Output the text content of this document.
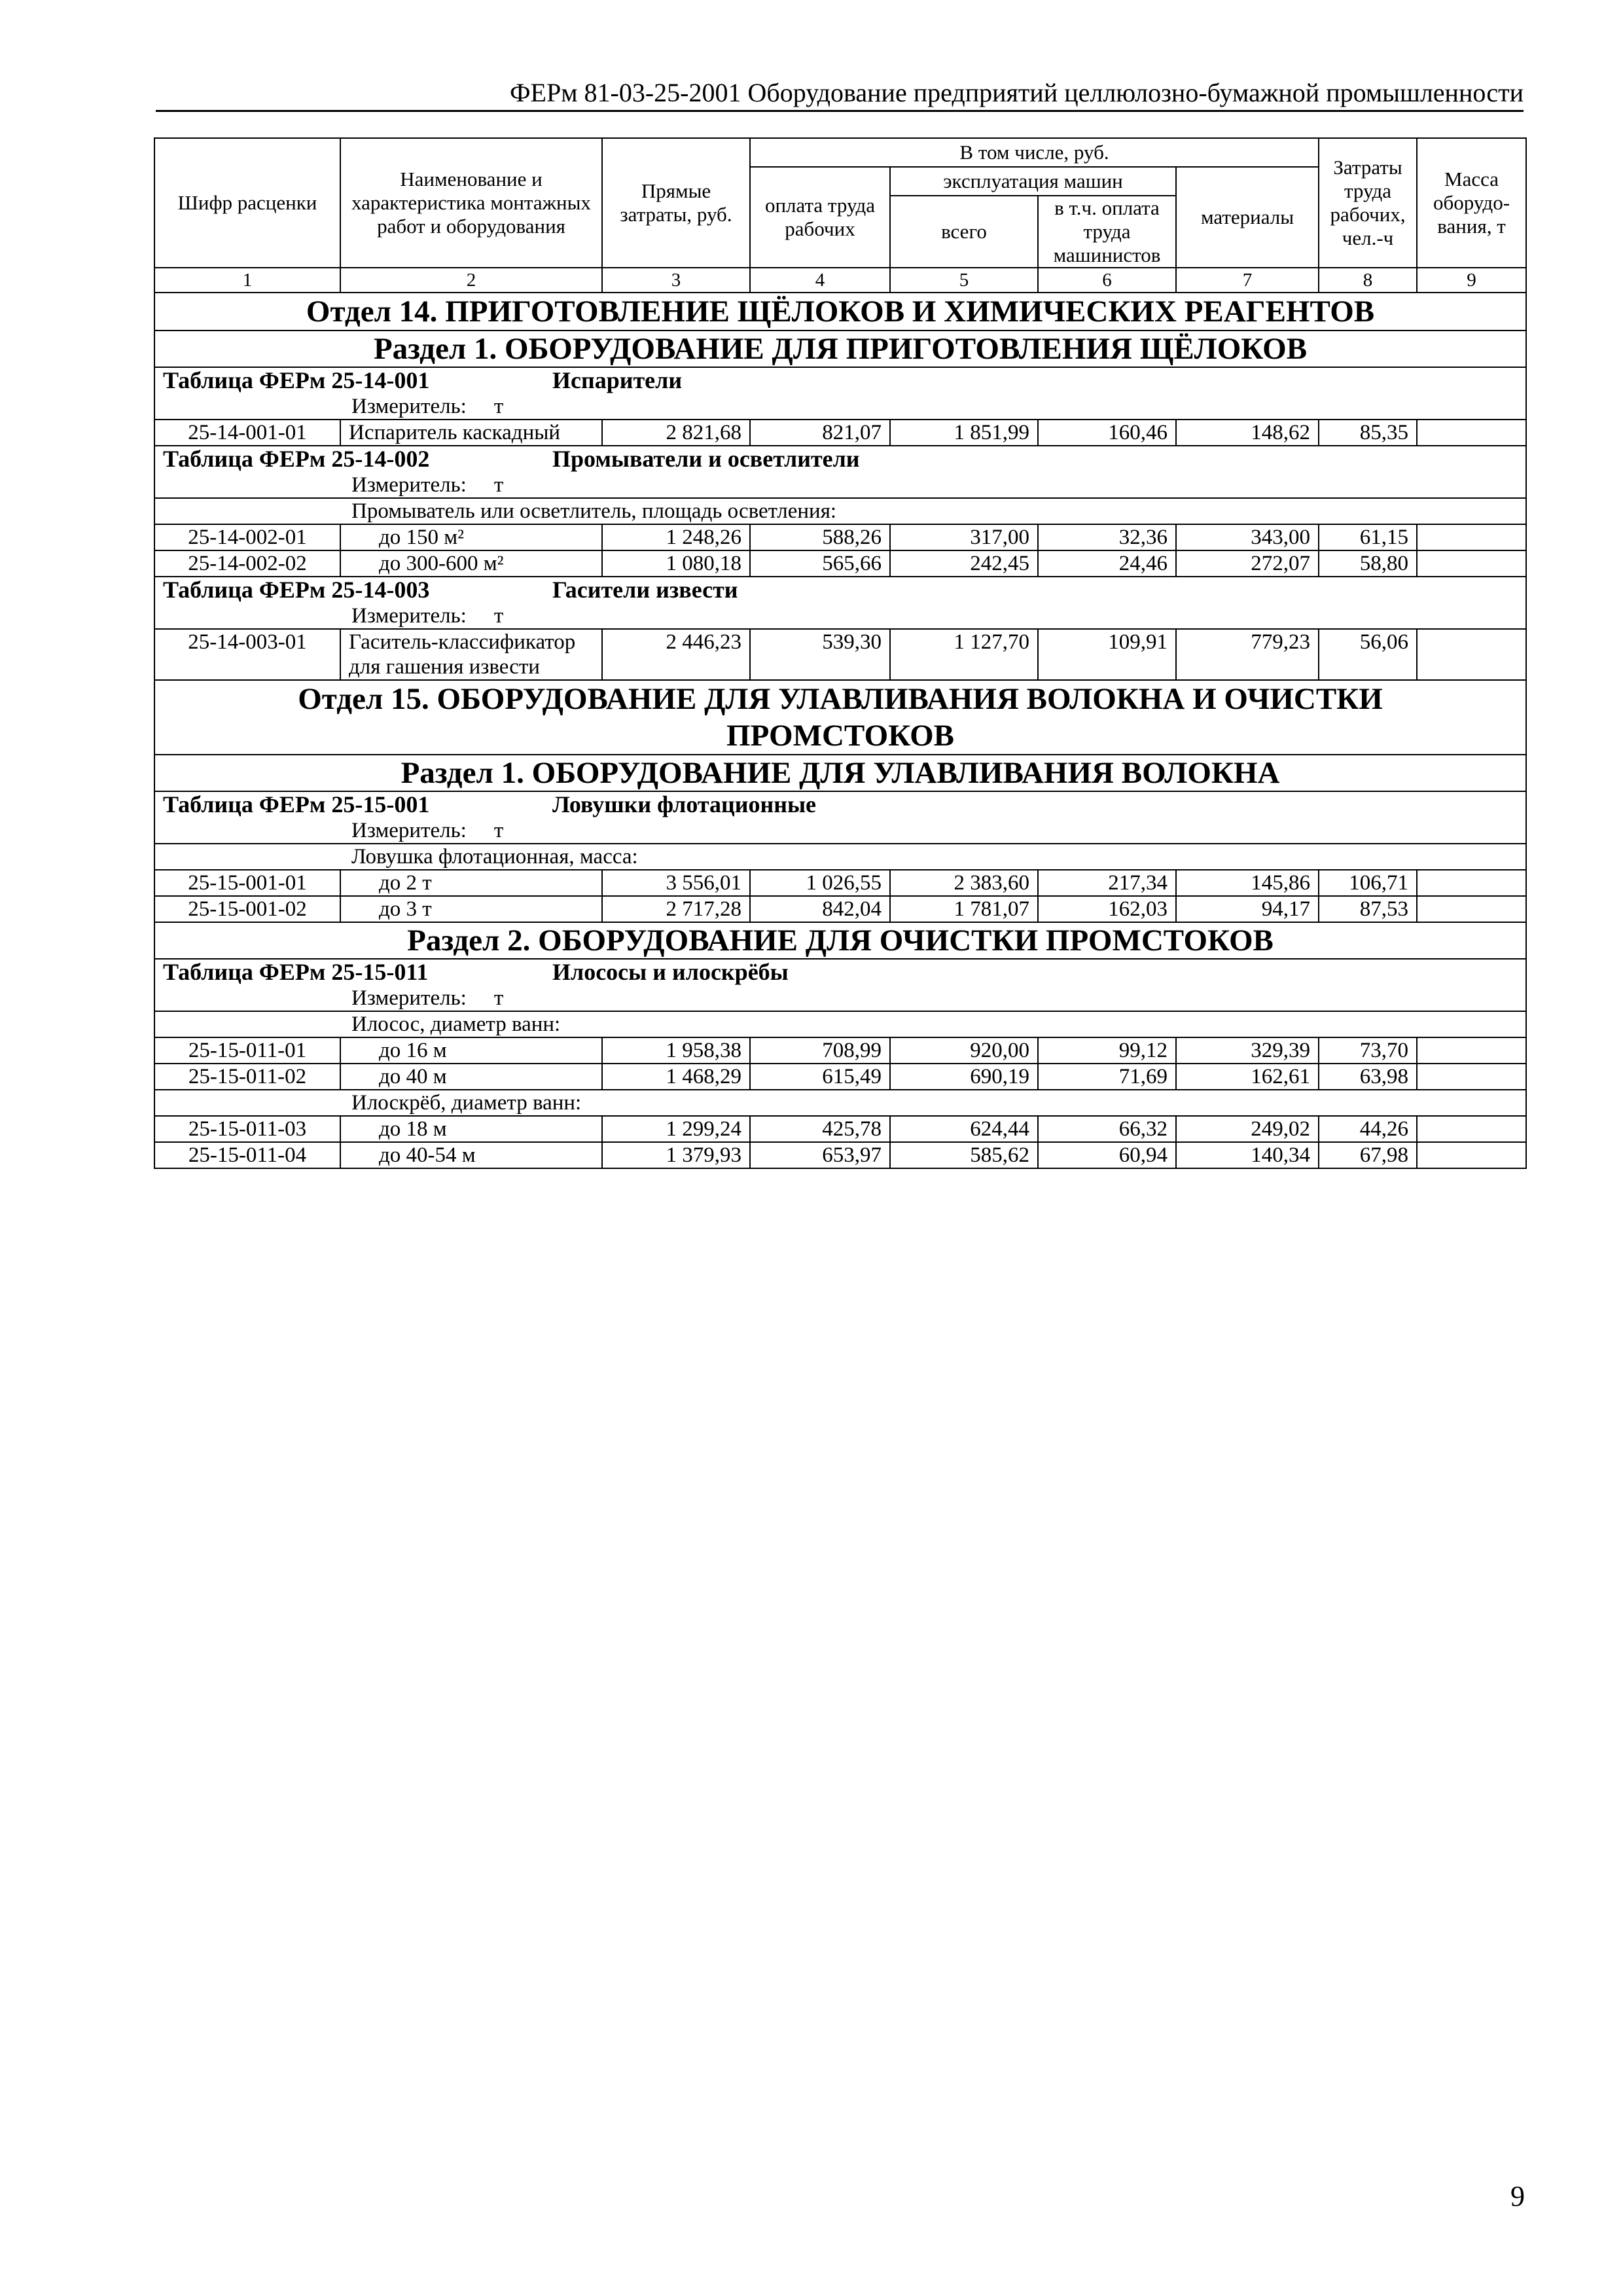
ФЕРм 81-03-25-2001 Оборудование предприятий целлюлозно-бумажной промышленности
Шифр расценки	Наименование и характеристика монтажных работ и оборудования	Прямые затраты, руб.	В том числе, руб.				Затраты труда рабочих, чел.-ч	Масса оборудо-вания, т
			оплата труда рабочих	эксплуатация машин		материалы		
				всего	в т.ч. оплата труда машинистов			
1	2	3	4	5	6	7	8	9
Отдел 14. ПРИГОТОВЛЕНИЕ ЩЁЛОКОВ И ХИМИЧЕСКИХ РЕАГЕНТОВ								
Раздел 1. ОБОРУДОВАНИЕ ДЛЯ ПРИГОТОВЛЕНИЯ ЩЁЛОКОВ								
Таблица ФЕРм 25-14-001 Испарители								
Измеритель: т								
25-14-001-01	Испаритель каскадный	2 821,68	821,07	1 851,99	160,46	148,62	85,35	
Таблица ФЕРм 25-14-002 Промыватели и осветлители								
Измеритель: т								
Промыватель или осветлитель, площадь осветления:								
25-14-002-01	до 150 м²	1 248,26	588,26	317,00	32,36	343,00	61,15	
25-14-002-02	до 300-600 м²	1 080,18	565,66	242,45	24,46	272,07	58,80	
Таблица ФЕРм 25-14-003 Гасители извести								
Измеритель: т								
25-14-003-01	Гаситель-классификатор для гашения извести	2 446,23	539,30	1 127,70	109,91	779,23	56,06	
Отдел 15. ОБОРУДОВАНИЕ ДЛЯ УЛАВЛИВАНИЯ ВОЛОКНА И ОЧИСТКИ ПРОМСТОКОВ								
Раздел 1. ОБОРУДОВАНИЕ ДЛЯ УЛАВЛИВАНИЯ ВОЛОКНА								
Таблица ФЕРм 25-15-001 Ловушки флотационные								
Измеритель: т								
Ловушка флотационная, масса:								
25-15-001-01	до 2 т	3 556,01	1 026,55	2 383,60	217,34	145,86	106,71	
25-15-001-02	до 3 т	2 717,28	842,04	1 781,07	162,03	94,17	87,53	
Раздел 2. ОБОРУДОВАНИЕ ДЛЯ ОЧИСТКИ ПРОМСТОКОВ								
Таблица ФЕРм 25-15-011 Илососы и илоскрёбы								
Измеритель: т								
Илосос, диаметр ванн:								
25-15-011-01	до 16 м	1 958,38	708,99	920,00	99,12	329,39	73,70	
25-15-011-02	до 40 м	1 468,29	615,49	690,19	71,69	162,61	63,98	
Илоскрёб, диаметр ванн:								
25-15-011-03	до 18 м	1 299,24	425,78	624,44	66,32	249,02	44,26	
25-15-011-04	до 40-54 м	1 379,93	653,97	585,62	60,94	140,34	67,98	
9
